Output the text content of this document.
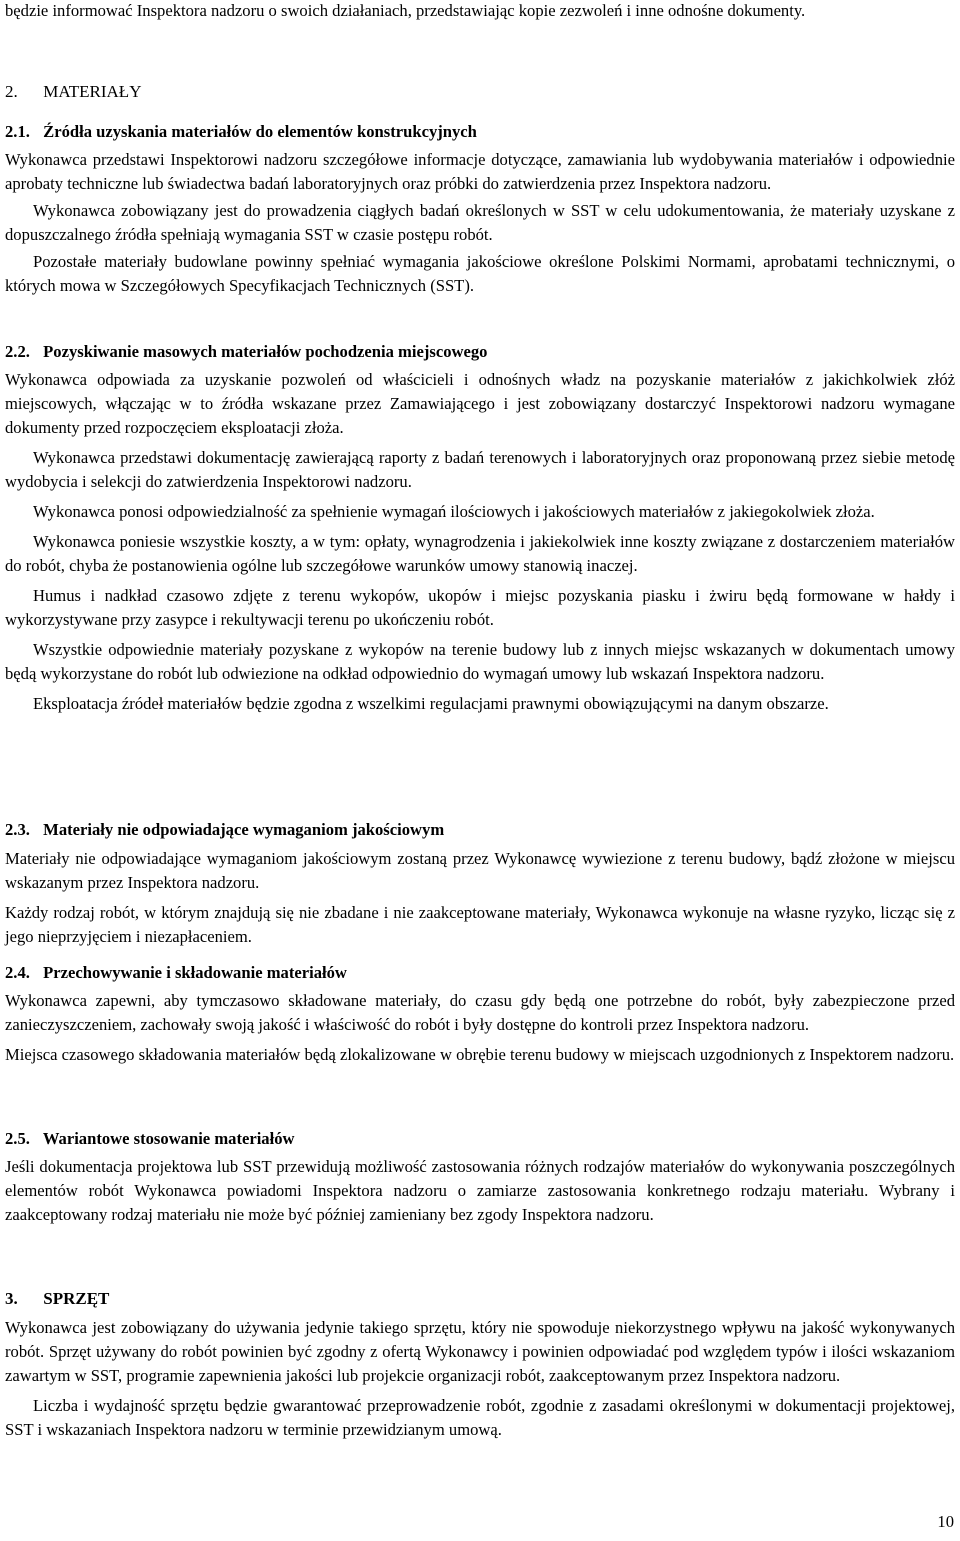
będzie informować Inspektora nadzoru o swoich działaniach, przedstawiając kopie zezwoleń i inne odnośne dokumenty.

2. MATERIAŁY
2.1. Źródła uzyskania materiałów do elementów konstrukcyjnych

Wykonawca przedstawi Inspektorowi nadzoru szczegółowe informacje dotyczące, zamawiania lub wydobywania materiałów i odpowiednie aprobaty techniczne lub świadectwa badań laboratoryjnych oraz próbki do zatwierdzenia przez Inspektora nadzoru.

Wykonawca zobowiązany jest do prowadzenia ciągłych badań określonych w SST w celu udokumentowania, że materiały uzyskane z dopuszczalnego źródła spełniają wymagania SST w czasie postępu robót.

Pozostałe materiały budowlane powinny spełniać wymagania jakościowe określone Polskimi Normami, aprobatami technicznymi, o których mowa w Szczegółowych Specyfikacjach Technicznych (SST).

2.2. Pozyskiwanie masowych materiałów pochodzenia miejscowego

Wykonawca odpowiada za uzyskanie pozwoleń od właścicieli i odnośnych władz na pozyskanie materiałów z jakichkolwiek złóż miejscowych, włączając w to źródła wskazane przez Zamawiającego i jest zobowiązany dostarczyć Inspektorowi nadzoru wymagane dokumenty przed rozpoczęciem eksploatacji złoża.

Wykonawca przedstawi dokumentację zawierającą raporty z badań terenowych i laboratoryjnych oraz proponowaną przez siebie metodę wydobycia i selekcji do zatwierdzenia Inspektorowi nadzoru.

Wykonawca ponosi odpowiedzialność za spełnienie wymagań ilościowych i jakościowych materiałów z jakiegokolwiek złoża.

Wykonawca poniesie wszystkie koszty, a w tym: opłaty, wynagrodzenia i jakiekolwiek inne koszty związane z dostarczeniem materiałów do robót, chyba że postanowienia ogólne lub szczegółowe warunków umowy stanowią inaczej.

Humus i nadkład czasowo zdjęte z terenu wykopów, ukopów i miejsc pozyskania piasku i żwiru będą formowane w hałdy i wykorzystywane przy zasypce i rekultywacji terenu po ukończeniu robót.

Wszystkie odpowiednie materiały pozyskane z wykopów na terenie budowy lub z innych miejsc wskazanych w dokumentach umowy będą wykorzystane do robót lub odwiezione na odkład odpowiednio do wymagań umowy lub wskazań Inspektora nadzoru.

Eksploatacja źródeł materiałów będzie zgodna z wszelkimi regulacjami prawnymi obowiązującymi na danym obszarze.

2.3. Materiały nie odpowiadające wymaganiom jakościowym

Materiały nie odpowiadające wymaganiom jakościowym zostaną przez Wykonawcę wywiezione z terenu budowy, bądź złożone w miejscu wskazanym przez Inspektora nadzoru.

Każdy rodzaj robót, w którym znajdują się nie zbadane i nie zaakceptowane materiały, Wykonawca wykonuje na własne ryzyko, licząc się z jego nieprzyjęciem i niezapłaceniem.

2.4. Przechowywanie i składowanie materiałów

Wykonawca zapewni, aby tymczasowo składowane materiały, do czasu gdy będą one potrzebne do robót, były zabezpieczone przed zanieczyszczeniem, zachowały swoją jakość i właściwość do robót i były dostępne do kontroli przez Inspektora nadzoru.

Miejsca czasowego składowania materiałów będą zlokalizowane w obrębie terenu budowy w miejscach uzgodnionych z Inspektorem nadzoru.

2.5. Wariantowe stosowanie materiałów

Jeśli dokumentacja projektowa lub SST przewidują możliwość zastosowania różnych rodzajów materiałów do wykonywania poszczególnych elementów robót Wykonawca powiadomi Inspektora nadzoru o zamiarze zastosowania konkretnego rodzaju materiału. Wybrany i zaakceptowany rodzaj materiału nie może być później zamieniany bez zgody Inspektora nadzoru.

3. SPRZĘT

Wykonawca jest zobowiązany do używania jedynie takiego sprzętu, który nie spowoduje niekorzystnego wpływu na jakość wykonywanych robót. Sprzęt używany do robót powinien być zgodny z ofertą Wykonawcy i powinien odpowiadać pod względem typów i ilości wskazaniom zawartym w SST, programie zapewnienia jakości lub projekcie organizacji robót, zaakceptowanym przez Inspektora nadzoru.

Liczba i wydajność sprzętu będzie gwarantować przeprowadzenie robót, zgodnie z zasadami określonymi w dokumentacji projektowej, SST i wskazaniach Inspektora nadzoru w terminie przewidzianym umową.

10
